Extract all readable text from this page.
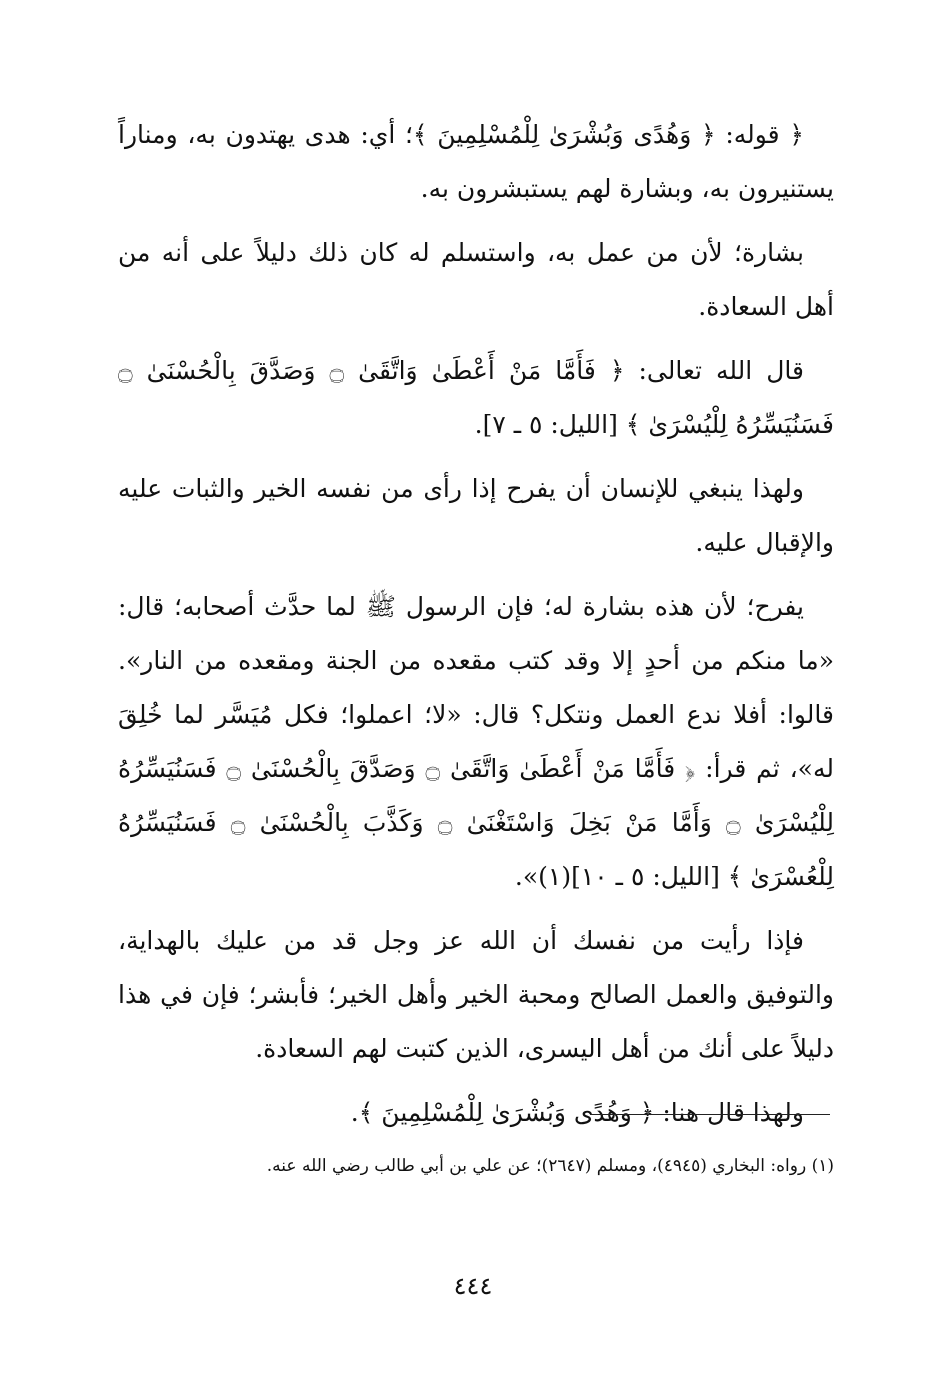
﴿ قوله: ﴿ وَهُدًى وَبُشْرَىٰ لِلْمُسْلِمِينَ ﴾؛ أي: هدى يهتدون به، ومناراً يستنيرون به، وبشارة لهم يستبشرون به.

بشارة؛ لأن من عمل به، واستسلم له كان ذلك دليلاً على أنه من أهل السعادة.

قال الله تعالى: ﴿ فَأَمَّا مَنْ أَعْطَىٰ وَاتَّقَىٰ ۝ وَصَدَّقَ بِالْحُسْنَىٰ ۝ فَسَنُيَسِّرُهُ لِلْيُسْرَىٰ ﴾ [الليل: ٥ ـ ٧].

ولهذا ينبغي للإنسان أن يفرح إذا رأى من نفسه الخير والثبات عليه والإقبال عليه.

يفرح؛ لأن هذه بشارة له؛ فإن الرسول ﷺ لما حدَّث أصحابه؛ قال: «ما منكم من أحدٍ إلا وقد كتب مقعده من الجنة ومقعده من النار». قالوا: أفلا ندع العمل ونتكل؟ قال: «لا؛ اعملوا؛ فكل مُيَسَّر لما خُلِقَ له»، ثم قرأ: ﴿ فَأَمَّا مَنْ أَعْطَىٰ وَاتَّقَىٰ ۝ وَصَدَّقَ بِالْحُسْنَىٰ ۝ فَسَنُيَسِّرُهُ لِلْيُسْرَىٰ ۝ وَأَمَّا مَنْ بَخِلَ وَاسْتَغْنَىٰ ۝ وَكَذَّبَ بِالْحُسْنَىٰ ۝ فَسَنُيَسِّرُهُ لِلْعُسْرَىٰ ﴾ [الليل: ٥ ـ ١٠](١)».

فإذا رأيت من نفسك أن الله عز وجل قد من عليك بالهداية، والتوفيق والعمل الصالح ومحبة الخير وأهل الخير؛ فأبشر؛ فإن في هذا دليلاً على أنك من أهل اليسرى، الذين كتبت لهم السعادة.

ولهذا قال هنا: ﴿ وَهُدًى وَبُشْرَىٰ لِلْمُسْلِمِينَ ﴾.

(١) رواه: البخاري (٤٩٤٥)، ومسلم (٢٦٤٧)؛ عن علي بن أبي طالب رضي الله عنه.

٤٤٤
